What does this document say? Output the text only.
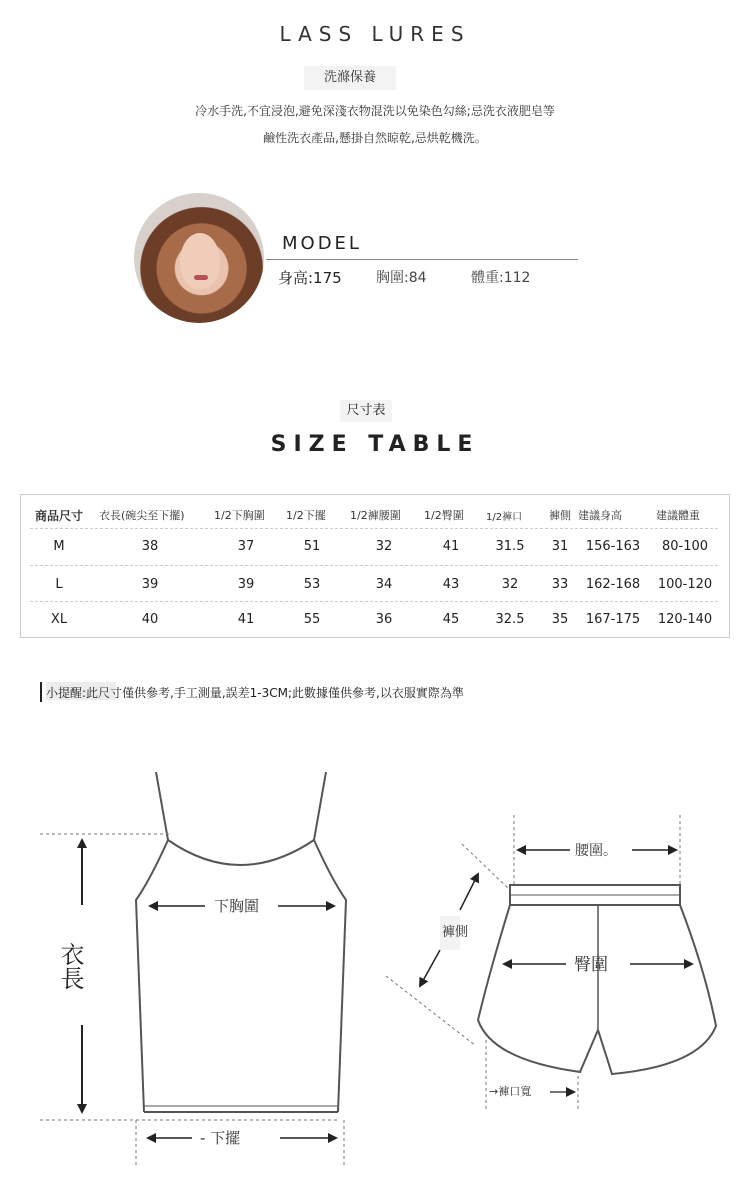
LASS LURES
洗滌保養
冷水手洗,不宜浸泡,避免深淺衣物混洗以免染色勾絲;忌洗衣液肥皂等
鹼性洗衣產品,懸掛自然晾乾,忌烘乾機洗。
MODEL
身高:175 胸圍:84	體重:112
尺寸表
SIZE TABLE
商品尺寸 衣長(碗尖至下擺)	1/2下胸圍 1/2下擺 1/2褲腰圍 1/2臀圍 1/2褲口 褲側 建議身高	建議體重
M	38	37	51	32	41	31.5	31	156-163	80-100
L	39	39	53	34	43	32	33	162-168	100-120
XL	40	41	55	36	45	32.5	35	167-175	120-140
小提醒:此尺寸僅供參考,手工測量,誤差1-3CM;此數據僅供參考,以衣服實際為準
衣長
下胸圍
- 下擺
腰圍。
褲側
臀圍
→褲口寬
